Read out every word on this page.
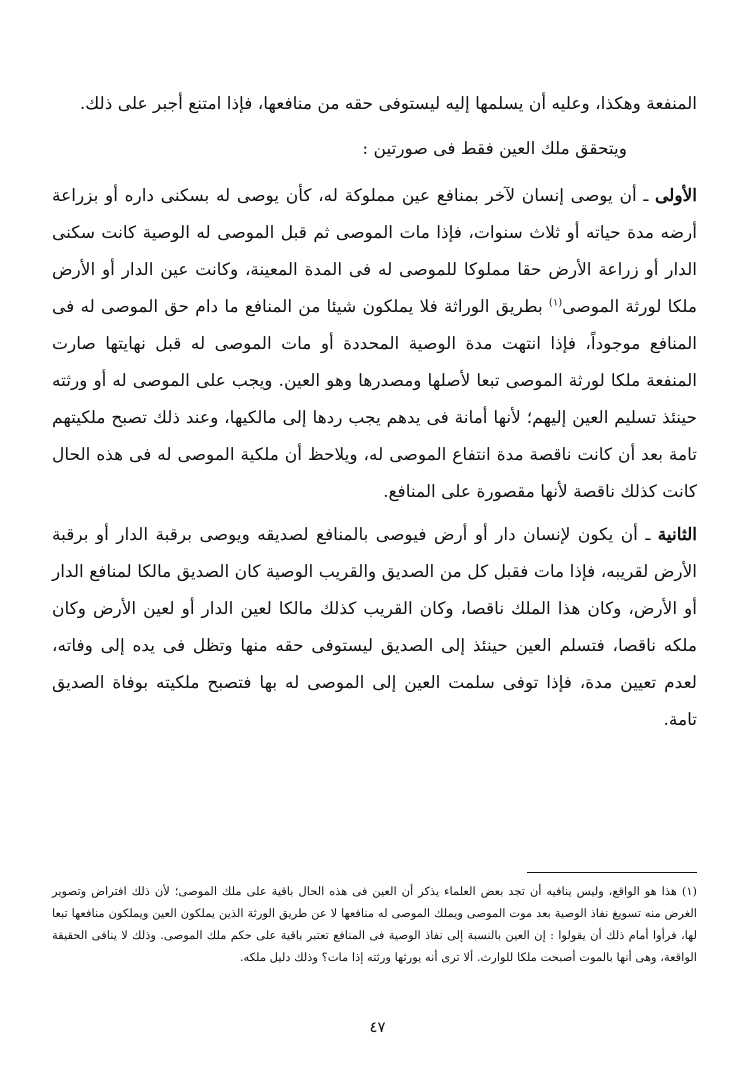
المنفعة وهكذا، وعليه أن يسلمها إليه ليستوفى حقه من منافعها، فإذا امتنع أجبر على ذلك.

ويتحقق ملك العين فقط فى صورتين :

الأولى ـ أن يوصى إنسان لآخر بمنافع عين مملوكة له، كأن يوصى له بسكنى داره أو بزراعة أرضه مدة حياته أو ثلاث سنوات، فإذا مات الموصى ثم قبل الموصى له الوصية كانت سكنى الدار أو زراعة الأرض حقا مملوكا للموصى له فى المدة المعينة، وكانت عين الدار أو الأرض ملكا لورثة الموصى$^{(١)}$ بطريق الوراثة فلا يملكون شيئا من المنافع ما دام حق الموصى له فى المنافع موجوداً، فإذا انتهت مدة الوصية المحددة أو مات الموصى له قبل نهايتها صارت المنفعة ملكا لورثة الموصى تبعا لأصلها ومصدرها وهو العين. ويجب على الموصى له أو ورثته حينئذ تسليم العين إليهم؛ لأنها أمانة فى يدهم يجب ردها إلى مالكيها، وعند ذلك تصبح ملكيتهم تامة بعد أن كانت ناقصة مدة انتفاع الموصى له، ويلاحظ أن ملكية الموصى له فى هذه الحال كانت كذلك ناقصة لأنها مقصورة على المنافع.

الثانية ـ أن يكون لإنسان دار أو أرض فيوصى بالمنافع لصديقه ويوصى برقبة الدار أو برقبة الأرض لقريبه، فإذا مات فقبل كل من الصديق والقريب الوصية كان الصديق مالكا لمنافع الدار أو الأرض، وكان هذا الملك ناقصا، وكان القريب كذلك مالكا لعين الدار أو لعين الأرض وكان ملكه ناقصا، فتسلم العين حينئذ إلى الصديق ليستوفى حقه منها وتظل فى يده إلى وفاته، لعدم تعيين مدة، فإذا توفى سلمت العين إلى الموصى له بها فتصبح ملكيته بوفاة الصديق تامة.

(١) هذا هو الواقع، وليس ينافيه أن تجد بعض العلماء يذكر أن العين فى هذه الحال باقية على ملك الموصى؛ لأن ذلك افتراض وتصوير الغرض منه تسويغ نفاذ الوصية بعد موت الموصى ويملك الموصى له منافعها لا عن طريق الورثة الذين يملكون العين ويملكون منافعها تبعا لها، فرأوا أمام ذلك أن يقولوا : إن العين بالنسبة إلى نفاذ الوصية فى المنافع تعتبر باقية على حكم ملك الموصى. وذلك لا ينافى الحقيقة الواقعة، وهى أنها بالموت أصبحت ملكا للوارث. ألا ترى أنه يورثها ورثته إذا مات؟ وذلك دليل ملكه.

٤٧
